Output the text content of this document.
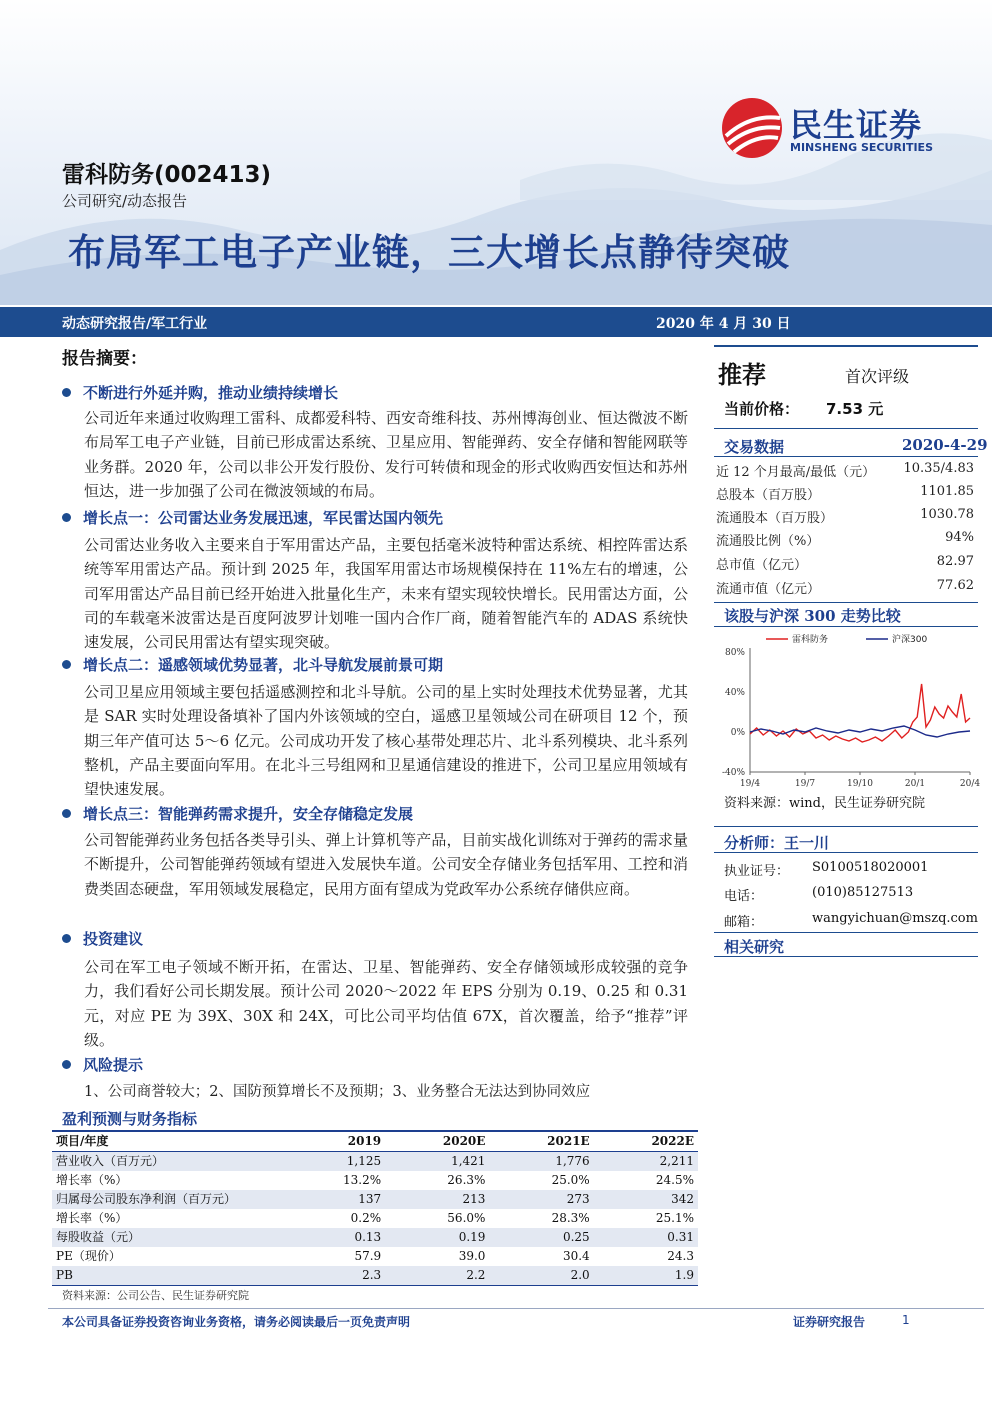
民生证券
MINSHENG SECURITIES
雷科防务(002413)
公司研究/动态报告
布局军工电子产业链，三大增长点静待突破
动态研究报告/军工行业	2020 年 4 月 30 日
报告摘要：
不断进行外延并购，推动业绩持续增长
公司近年来通过收购理工雷科、成都爱科特、西安奇维科技、苏州博海创业、恒达微波不断布局军工电子产业链，目前已形成雷达系统、卫星应用、智能弹药、安全存储和智能网联等业务群。2020 年，公司以非公开发行股份、发行可转债和现金的形式收购西安恒达和苏州恒达，进一步加强了公司在微波领域的布局。
增长点一：公司雷达业务发展迅速，军民雷达国内领先
公司雷达业务收入主要来自于军用雷达产品，主要包括毫米波特种雷达系统、相控阵雷达系统等军用雷达产品。预计到 2025 年，我国军用雷达市场规模保持在 11%左右的增速，公司军用雷达产品目前已经开始进入批量化生产，未来有望实现较快增长。民用雷达方面，公司的车载毫米波雷达是百度阿波罗计划唯一国内合作厂商，随着智能汽车的 ADAS 系统快速发展，公司民用雷达有望实现突破。
增长点二：遥感领域优势显著，北斗导航发展前景可期
公司卫星应用领域主要包括遥感测控和北斗导航。公司的星上实时处理技术优势显著，尤其是 SAR 实时处理设备填补了国内外该领域的空白，遥感卫星领域公司在研项目 12 个，预期三年产值可达 5～6 亿元。公司成功开发了核心基带处理芯片、北斗系列模块、北斗系列整机，产品主要面向军用。在北斗三号组网和卫星通信建设的推进下，公司卫星应用领域有望快速发展。
增长点三：智能弹药需求提升，安全存储稳定发展
公司智能弹药业务包括各类导引头、弹上计算机等产品，目前实战化训练对于弹药的需求量不断提升，公司智能弹药领域有望进入发展快车道。公司安全存储业务包括军用、工控和消费类固态硬盘，军用领域发展稳定，民用方面有望成为党政军办公系统存储供应商。
投资建议
公司在军工电子领域不断开拓，在雷达、卫星、智能弹药、安全存储领域形成较强的竞争力，我们看好公司长期发展。预计公司 2020～2022 年 EPS 分别为 0.19、0.25 和 0.31 元，对应 PE 为 39X、30X 和 24X，可比公司平均估值 67X，首次覆盖，给予“推荐”评级。
风险提示
1、公司商誉较大；2、国防预算增长不及预期；3、业务整合无法达到协同效应
推荐	首次评级
当前价格： 7.53 元
交易数据	2020-4-29
近 12 个月最高/最低（元） 10.35/4.83
总股本（百万股）	1101.85
流通股本（百万股）	1030.78
流通股比例（%）	94%
总市值（亿元）	82.97
流通市值（亿元）	77.62
该股与沪深 300 走势比较
80%
40%
0%
-40%
19/4	19/7	19/10	20/1	20/4
雷科防务	沪深300
资料来源：wind，民生证券研究院
分析师：王一川
执业证号： S0100518020001
电话：	(010)85127513
邮箱：	wangyichuan@mszq.com
相关研究
盈利预测与财务指标
项目/年度	2019	2020E	2021E	2022E
营业收入（百万元）	1,125	1,421	1,776	2,211
增长率（%）	13.2%	26.3%	25.0%	24.5%
归属母公司股东净利润（百万元）	137	213	273	342
增长率（%）	0.2%	56.0%	28.3%	25.1%
每股收益（元）	0.13	0.19	0.25	0.31
PE（现价）	57.9	39.0	30.4	24.3
PB	2.3	2.2	2.0	1.9
资料来源：公司公告、民生证券研究院
本公司具备证券投资咨询业务资格，请务必阅读最后一页免责声明	证券研究报告	1
